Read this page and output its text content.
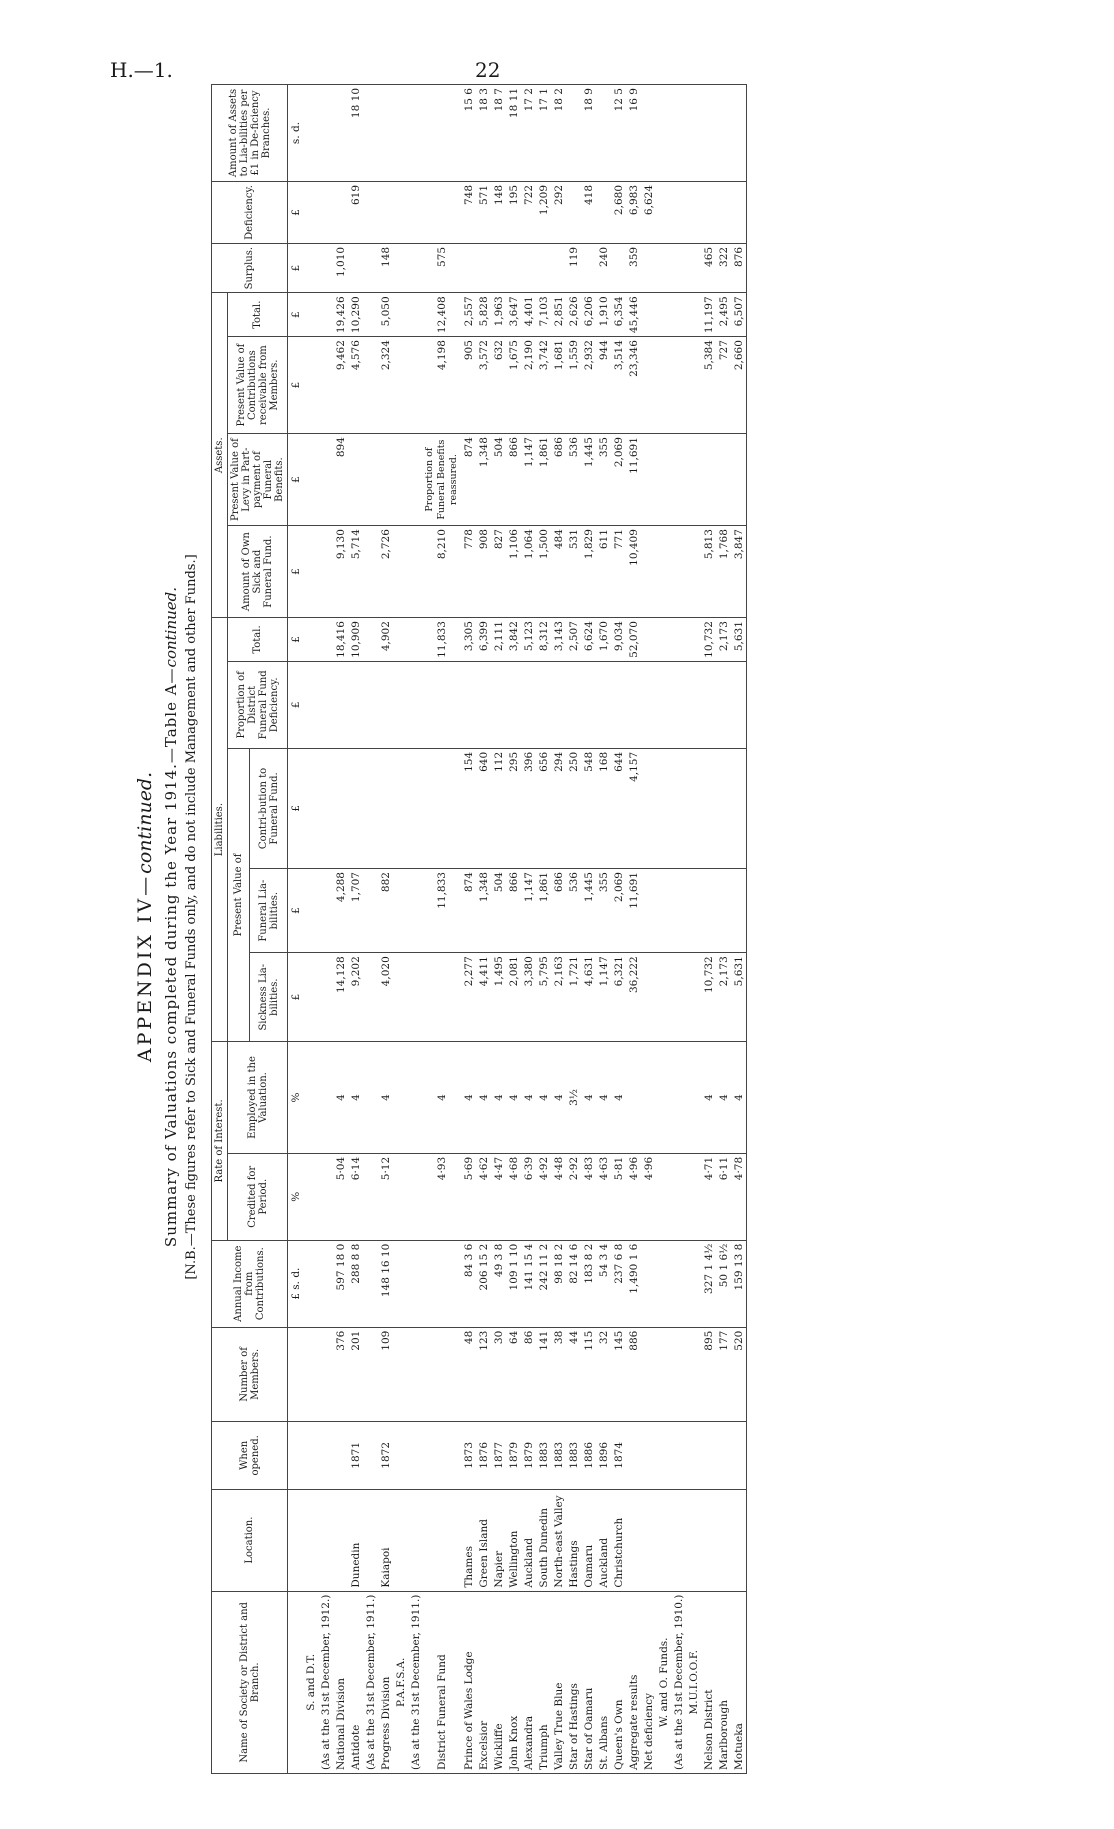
H.—1.	22
APPENDIX IV—continued. Summary of Valuations completed during the Year 1914.—Table A—continued. [N.B.—These figures refer to Sick and Funeral Funds only, and do not include Management and other Funds.]
Name of Society or District and Branch.	Location.	When opened.	Number of Members.	Annual Income from Contributions.	Rate of Interest.		Liabilities.					Assets.				Surplus.	Deficiency.	Amount of Assets to Lia-bilities per £1 in De-ficiency Branches.
					Credited for Period.	Employed in the Valuation.	Present Value of			Proportion of District Funeral Fund Deficiency.	Total.	Amount of Own Sick and Funeral Fund.	Present Value of Levy in Part-payment of Funeral Benefits.	Present Value of Contributions receivable from Members.	Total.			
							Sickness Lia-bilities.	Funeral Lia-bilities.	Contri-bution to Funeral Fund.									
				£ s. d.	%	%	£	£	£	£	£	£	£	£	£	£	£	s. d.
S. and D.T.																		
(As at the 31st December, 1912.)																		
National Division			376	597 18 0	5·04	4	14,128	4,288			18,416	9,130	894	9,462	19,426	1,010		
Antidote	Dunedin	1871	201	288 8 8	6·14	4	9,202	1,707			10,909	5,714		4,576	10,290		619	18 10
(As at the 31st December, 1911.)																		
Progress Division	Kaiapoi	1872	109	148 16 10	5·12	4	4,020	882			4,902	2,726		2,324	5,050	148		
P.A.F.S.A.																		
(As at the 31st December, 1911.)																		
District Funeral Fund					4·93	4		11,833			11,833	8,210	Proportion of Funeral Benefits reassured.	4,198	12,408	575		
Prince of Wales Lodge	Thames	1873	48	84 3 6	5·69	4	2,277	874	154		3,305	778	874	905	2,557		748	15 6
Excelsior	Green Island	1876	123	206 15 2	4·62	4	4,411	1,348	640		6,399	908	1,348	3,572	5,828		571	18 3
Wickliffe	Napier	1877	30	49 3 8	4·47	4	1,495	504	112		2,111	827	504	632	1,963		148	18 7
John Knox	Wellington	1879	64	109 1 10	4·68	4	2,081	866	295		3,842	1,106	866	1,675	3,647		195	18 11
Alexandra	Auckland	1879	86	141 15 4	6·39	4	3,380	1,147	396		5,123	1,064	1,147	2,190	4,401		722	17 2
Triumph	South Dunedin	1883	141	242 11 2	4·92	4	5,795	1,861	656		8,312	1,500	1,861	3,742	7,103		1,209	17 1
Valley True Blue	North-east Valley	1883	38	98 18 2	4·48	4	2,163	686	294		3,143	484	686	1,681	2,851		292	18 2
Star of Hastings	Hastings	1883	44	82 14 6	2·92	3½	1,721	536	250		2,507	531	536	1,559	2,626	119		
Star of Oamaru	Oamaru	1886	115	183 8 2	4·83	4	4,631	1,445	548		6,624	1,829	1,445	2,932	6,206		418	18 9
St. Albans	Auckland	1896	32	54 3 4	4·63	4	1,147	355	168		1,670	611	355	944	1,910	240		
Queen's Own	Christchurch	1874	145	237 6 8	5·81	4	6,321	2,069	644		9,034	771	2,069	3,514	6,354		2,680	12 5
Aggregate results			886	1,490 1 6	4·96		36,222	11,691	4,157		52,070	10,409	11,691	23,346	45,446	359	6,983	16 9
Net deficiency					4·96												6,624	
W. and O. Funds.																		
(As at the 31st December, 1910.)																		
M.U.I.O.O.F.																		
Nelson District			895	327 1 4½	4·71	4	10,732				10,732	5,813		5,384	11,197	465		
Marlborough			177	50 1 6½	6·11	4	2,173				2,173	1,768		727	2,495	322		
Motueka			520	159 13 8	4·78	4	5,631				5,631	3,847		2,660	6,507	876		
